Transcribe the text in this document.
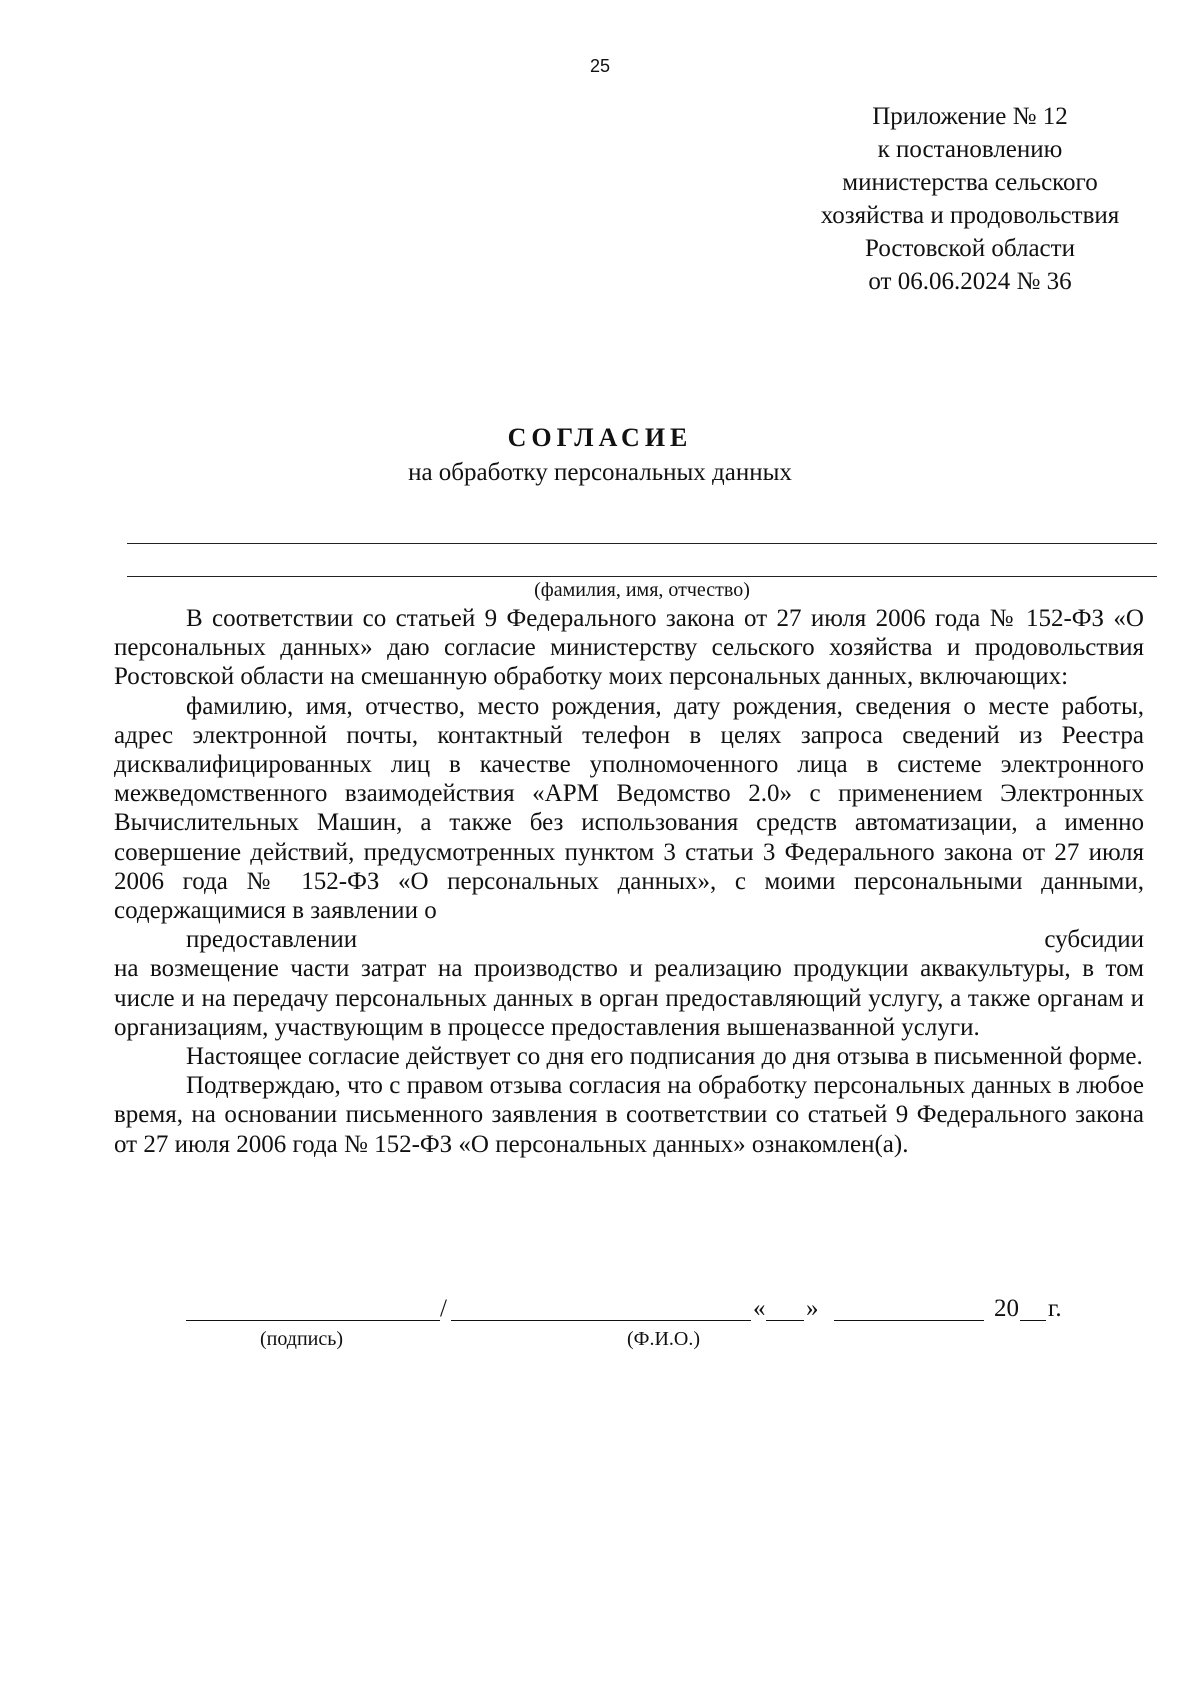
25
Приложение № 12
к постановлению
министерства сельского
хозяйства и продовольствия
Ростовской области
от 06.06.2024 № 36
СОГЛАСИЕ
на обработку персональных данных
(фамилия, имя, отчество)

В соответствии со статьей 9 Федерального закона от 27 июля 2006 года № 152-ФЗ «О персональных данных» даю согласие министерству сельского хозяйства и продовольствия Ростовской области на смешанную обработку моих персональных данных, включающих:

фамилию, имя, отчество, место рождения, дату рождения, сведения о месте работы, адрес электронной почты, контактный телефон в целях запроса сведений из Реестра дисквалифицированных лиц в качестве уполномоченного лица в системе электронного межведомственного взаимодействия «АРМ Ведомство 2.0» с применением Электронных Вычислительных Машин, а также без использования средств автоматизации, а именно совершение действий, предусмотренных пунктом 3 статьи 3 Федерального закона от 27 июля 2006 года № 152-ФЗ «О персональных данных», с моими персональными данными, содержащимися в заявлении о
предоставлении	субсидии
на возмещение части затрат на производство и реализацию продукции аквакультуры, в том числе и на передачу персональных данных в орган предоставляющий услугу, а также органам и организациям, участвующим в процессе предоставления вышеназванной услуги.

Настоящее согласие действует со дня его подписания до дня отзыва в письменной форме.

Подтверждаю, что с правом отзыва согласия на обработку персональных данных в любое время, на основании письменного заявления в соответствии со статьей 9 Федерального закона от 27 июля 2006 года № 152-ФЗ «О персональных данных» ознакомлен(а).

/	« »	20 г.
(подпись)	(Ф.И.О.)
